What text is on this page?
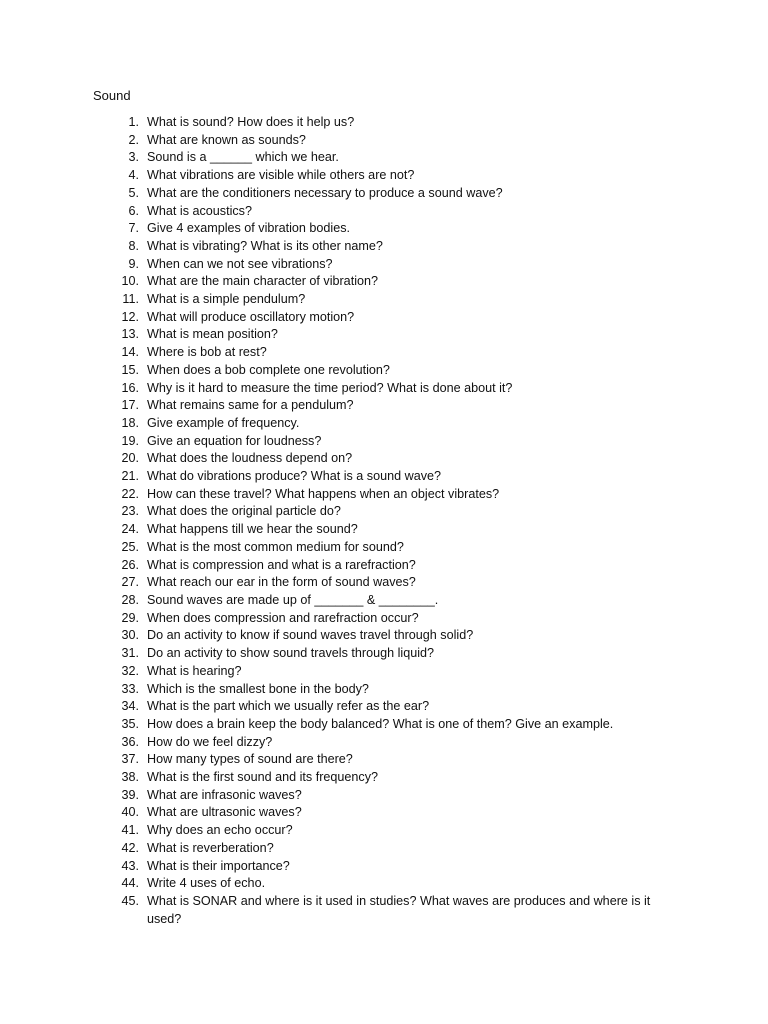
Sound
1. What is sound? How does it help us?
2. What are known as sounds?
3. Sound is a ______ which we hear.
4. What vibrations are visible while others are not?
5. What are the conditioners necessary to produce a sound wave?
6. What is acoustics?
7. Give 4 examples of vibration bodies.
8. What is vibrating? What is its other name?
9. When can we not see vibrations?
10. What are the main character of vibration?
11. What is a simple pendulum?
12. What will produce oscillatory motion?
13. What is mean position?
14. Where is bob at rest?
15. When does a bob complete one revolution?
16. Why is it hard to measure the time period? What is done about it?
17. What remains same for a pendulum?
18. Give example of frequency.
19. Give an equation for loudness?
20. What does the loudness depend on?
21. What do vibrations produce? What is a sound wave?
22. How can these travel? What happens when an object vibrates?
23. What does the original particle do?
24. What happens till we hear the sound?
25. What is the most common medium for sound?
26. What is compression and what is a rarefraction?
27. What reach our ear in the form of sound waves?
28. Sound waves are made up of _______ & ________.
29. When does compression and rarefraction occur?
30. Do an activity to know if sound waves travel through solid?
31. Do an activity to show sound travels through liquid?
32. What is hearing?
33. Which is the smallest bone in the body?
34. What is the part which we usually refer as the ear?
35. How does a brain keep the body balanced? What is one of them? Give an example.
36. How do we feel dizzy?
37. How many types of sound are there?
38. What is the first sound and its frequency?
39. What are infrasonic waves?
40. What are ultrasonic waves?
41. Why does an echo occur?
42. What is reverberation?
43. What is their importance?
44. Write 4 uses of echo.
45. What is SONAR and where is it used in studies? What waves are produces and where is it used?
